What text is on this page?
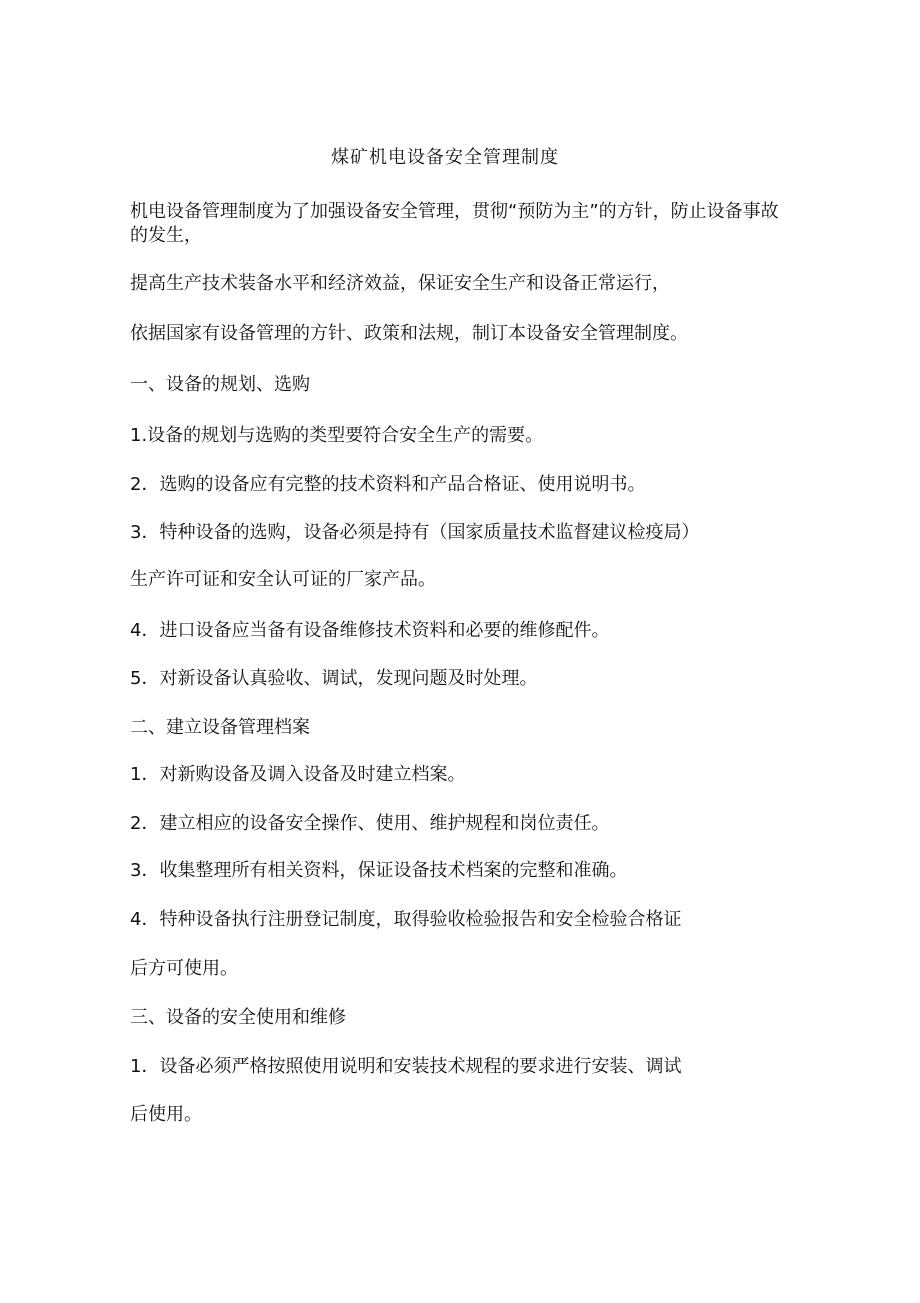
煤矿机电设备安全管理制度
机电设备管理制度为了加强设备安全管理，贯彻“预防为主”的方针，防止设备事故的发生，
提高生产技术装备水平和经济效益，保证安全生产和设备正常运行，
依据国家有设备管理的方针、政策和法规，制订本设备安全管理制度。
一、设备的规划、选购
1.设备的规划与选购的类型要符合安全生产的需要。
2．选购的设备应有完整的技术资料和产品合格证、使用说明书。
3．特种设备的选购，设备必须是持有（国家质量技术监督建议检疫局）
生产许可证和安全认可证的厂家产品。
4．进口设备应当备有设备维修技术资料和必要的维修配件。
5．对新设备认真验收、调试，发现问题及时处理。
二、建立设备管理档案
1．对新购设备及调入设备及时建立档案。
2．建立相应的设备安全操作、使用、维护规程和岗位责任。
3．收集整理所有相关资料，保证设备技术档案的完整和准确。
4．特种设备执行注册登记制度，取得验收检验报告和安全检验合格证
后方可使用。
三、设备的安全使用和维修
1．设备必须严格按照使用说明和安装技术规程的要求进行安装、调试
后使用。
